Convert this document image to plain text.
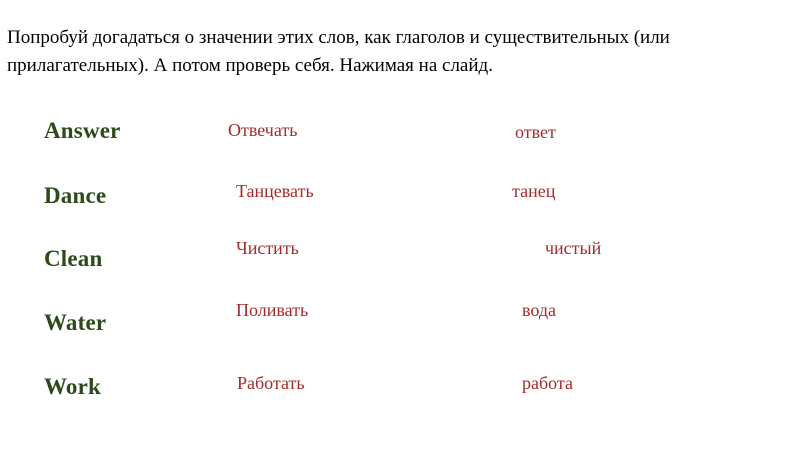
Попробуй догадаться о значении этих слов, как глаголов и существительных (или прилагательных). А потом проверь себя. Нажимая на слайд.

Answer	Отвечать	ответ
Dance	Танцевать	танец
Clean	Чистить	чистый
Water	Поливать	вода
Work	Работать	работа
